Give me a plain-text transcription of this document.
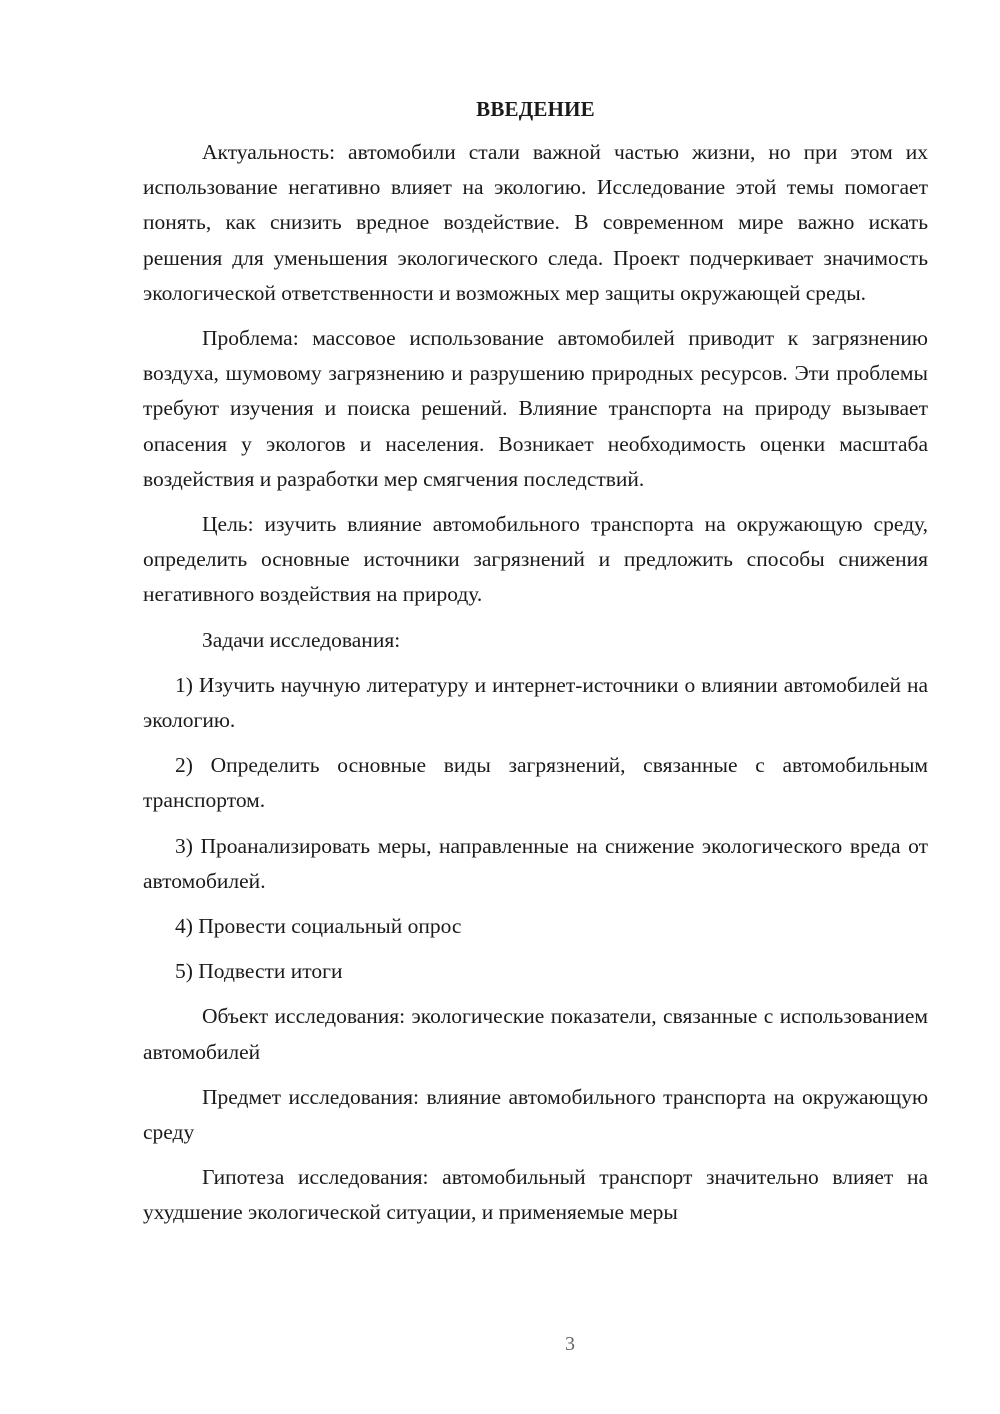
ВВЕДЕНИЕ

Актуальность: автомобили стали важной частью жизни, но при этом их использование негативно влияет на экологию. Исследование этой темы помогает понять, как снизить вредное воздействие. В современном мире важно искать решения для уменьшения экологического следа. Проект подчеркивает значимость экологической ответственности и возможных мер защиты окружающей среды.

Проблема: массовое использование автомобилей приводит к загрязнению воздуха, шумовому загрязнению и разрушению природных ресурсов. Эти проблемы требуют изучения и поиска решений. Влияние транспорта на природу вызывает опасения у экологов и населения. Возникает необходимость оценки масштаба воздействия и разработки мер смягчения последствий.

Цель: изучить влияние автомобильного транспорта на окружающую среду, определить основные источники загрязнений и предложить способы снижения негативного воздействия на природу.

Задачи исследования:

1) Изучить научную литературу и интернет-источники о влиянии автомобилей на экологию.

2) Определить основные виды загрязнений, связанные с автомобильным транспортом.

3) Проанализировать меры, направленные на снижение экологического вреда от автомобилей.

4) Провести социальный опрос

5) Подвести итоги

Объект исследования: экологические показатели, связанные с использованием автомобилей

Предмет исследования: влияние автомобильного транспорта на окружающую среду

Гипотеза исследования: автомобильный транспорт значительно влияет на ухудшение экологической ситуации, и применяемые меры

3
